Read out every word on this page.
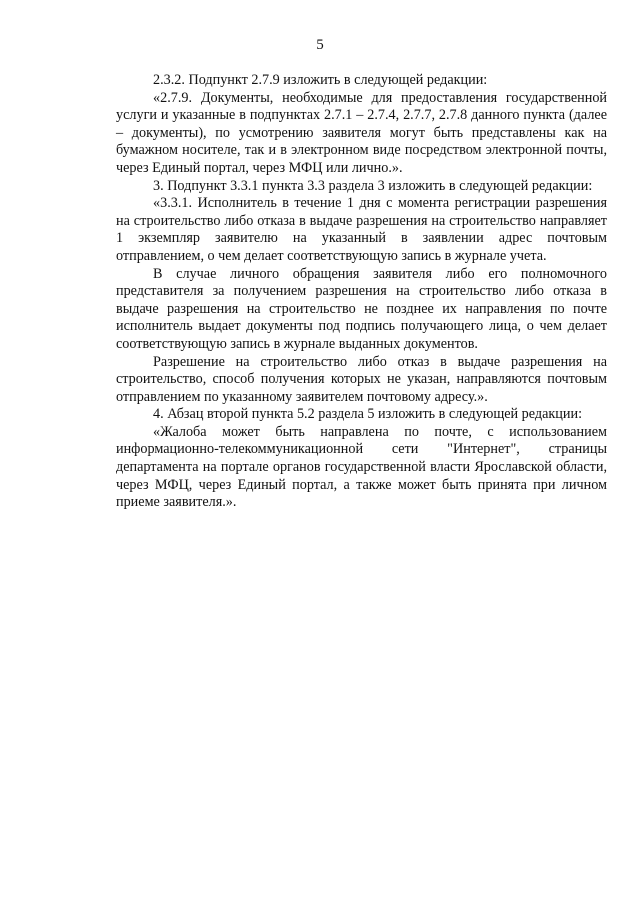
5

2.3.2. Подпункт 2.7.9 изложить в следующей редакции:

«2.7.9. Документы, необходимые для предоставления государственной услуги и указанные в подпунктах 2.7.1 – 2.7.4, 2.7.7, 2.7.8 данного пункта (далее – документы), по усмотрению заявителя могут быть представлены как на бумажном носителе, так и в электронном виде посредством электронной почты, через Единый портал, через МФЦ или лично.».

3. Подпункт 3.3.1 пункта 3.3 раздела 3 изложить в следующей редакции:

«3.3.1. Исполнитель в течение 1 дня с момента регистрации разрешения на строительство либо отказа в выдаче разрешения на строительство направляет 1 экземпляр заявителю на указанный в заявлении адрес почтовым отправлением, о чем делает соответствующую запись в журнале учета.

В случае личного обращения заявителя либо его полномочного представителя за получением разрешения на строительство либо отказа в выдаче разрешения на строительство не позднее их направления по почте исполнитель выдает документы под подпись получающего лица, о чем делает соответствующую запись в журнале выданных документов.

Разрешение на строительство либо отказ в выдаче разрешения на строительство, способ получения которых не указан, направляются почтовым отправлением по указанному заявителем почтовому адресу.».

4. Абзац второй пункта 5.2 раздела 5 изложить в следующей редакции:

«Жалоба может быть направлена по почте, с использованием информационно-телекоммуникационной сети "Интернет", страницы департамента на портале органов государственной власти Ярославской области, через МФЦ, через Единый портал, а также может быть принята при личном приеме заявителя.».
